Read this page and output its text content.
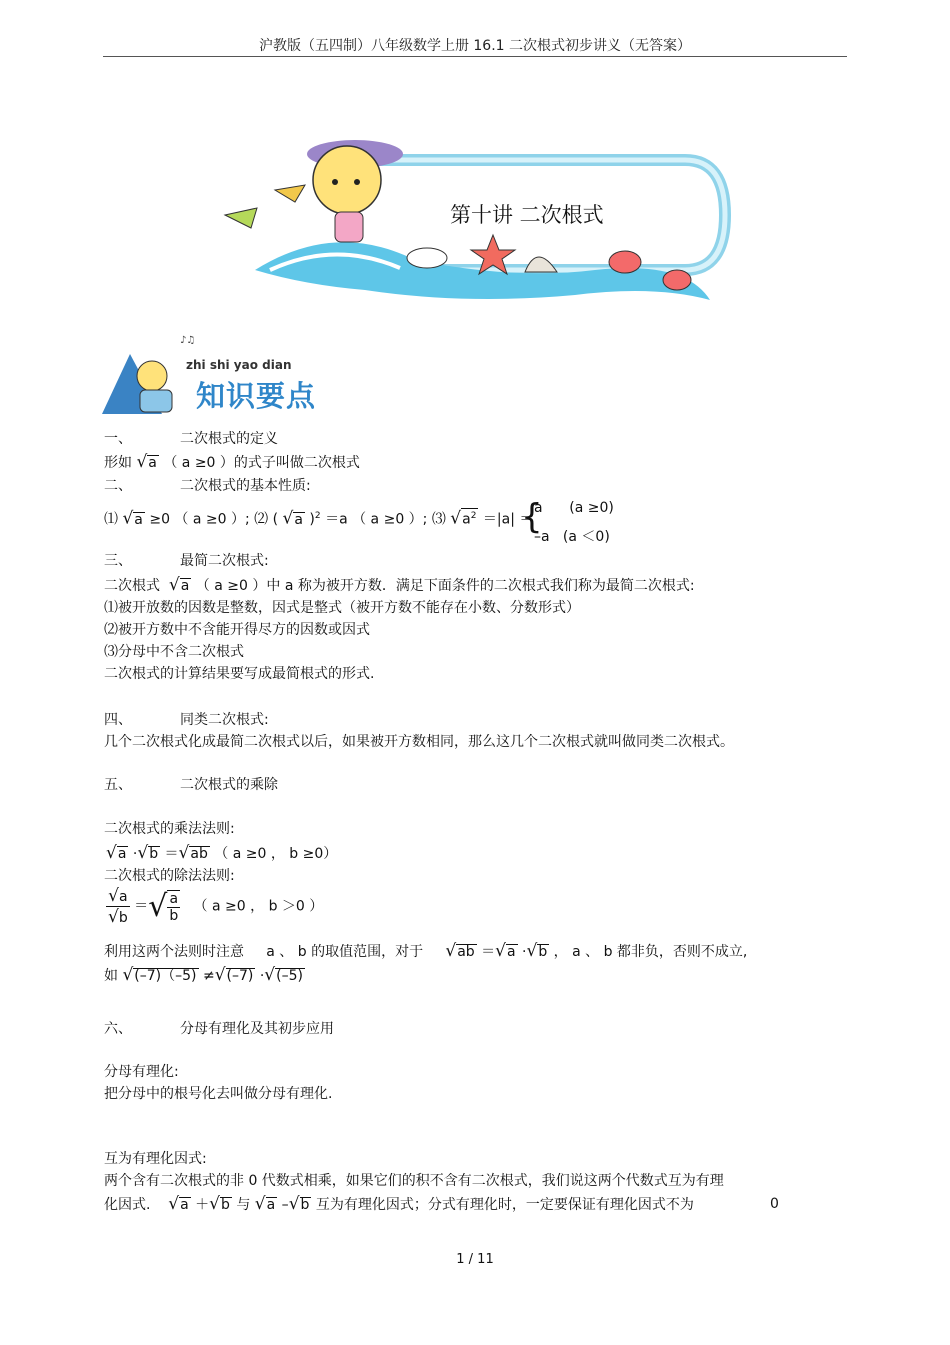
沪教版（五四制）八年级数学上册 16.1 二次根式初步讲义（无答案）
第十讲 二次根式
♪♫
zhi shi yao dian
知识要点
一、	二次根式的定义
形如 √a （ a ≥0 ）的式子叫做二次根式
二、	二次根式的基本性质:
⑴ √a ≥0 （ a ≥0 ）; ⑵ ( √a )$^2$ ＝a （ a ≥0 ）; ⑶ $√a^2 =|a|$ ＝
{
a      (a ≥0)
–a   (a ＜0)
三、	最简二次根式:
二次根式 √a （ a ≥0 ）中 a 称为被开方数．满足下面条件的二次根式我们称为最简二次根式:
⑴被开放数的因数是整数，因式是整式（被开方数不能存在小数、分数形式）
⑵被开方数中不含能开得尽方的因数或因式
⑶分母中不含二次根式
二次根式的计算结果要写成最简根式的形式.
四、	同类二次根式:
几个二次根式化成最简二次根式以后，如果被开方数相同，那么这几个二次根式就叫做同类二次根式。
五、	二次根式的乘除
二次根式的乘法法则:
√a ·√b ＝√ab （ a ≥0 ， b ≥0）
二次根式的除法法则:
$\frac{√a}{√b}$ ＝√ $\frac{a}{b}$ （ a ≥0 ， b ＞0 ）
利用这两个法则时注意 a 、 b 的取值范围，对于 √ab ＝√a ·√b ， a 、 b 都非负，否则不成立,
如 √(–7)（–5) ≠√(–7) ·√(–5)
六、	分母有理化及其初步应用
分母有理化:
把分母中的根号化去叫做分母有理化.
互为有理化因式:
两个含有二次根式的非 0 代数式相乘，如果它们的积不含有二次根式，我们说这两个代数式互为有理
化因式. √a ＋√b 与 √a –√b 互为有理化因式；分式有理化时，一定要保证有理化因式不为	0
1 / 11
